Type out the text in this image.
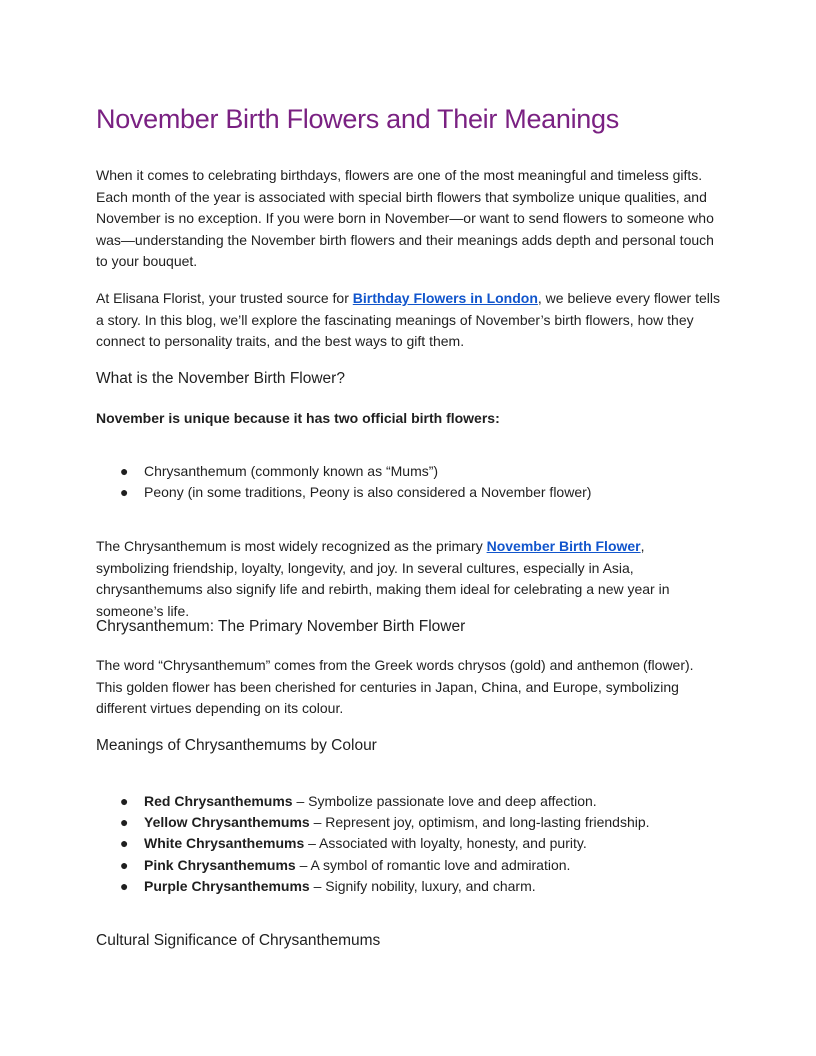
November Birth Flowers and Their Meanings

When it comes to celebrating birthdays, flowers are one of the most meaningful and timeless gifts. Each month of the year is associated with special birth flowers that symbolize unique qualities, and November is no exception. If you were born in November—or want to send flowers to someone who was—understanding the November birth flowers and their meanings adds depth and personal touch to your bouquet.

At Elisana Florist, your trusted source for Birthday Flowers in London, we believe every flower tells a story. In this blog, we’ll explore the fascinating meanings of November’s birth flowers, how they connect to personality traits, and the best ways to gift them.

What is the November Birth Flower?
November is unique because it has two official birth flowers:
● Chrysanthemum (commonly known as “Mums”)
● Peony (in some traditions, Peony is also considered a November flower)

The Chrysanthemum is most widely recognized as the primary November Birth Flower, symbolizing friendship, loyalty, longevity, and joy. In several cultures, especially in Asia, chrysanthemums also signify life and rebirth, making them ideal for celebrating a new year in someone’s life.

Chrysanthemum: The Primary November Birth Flower

The word “Chrysanthemum” comes from the Greek words chrysos (gold) and anthemon (flower). This golden flower has been cherished for centuries in Japan, China, and Europe, symbolizing different virtues depending on its colour.

Meanings of Chrysanthemums by Colour
● Red Chrysanthemums – Symbolize passionate love and deep affection.
● Yellow Chrysanthemums – Represent joy, optimism, and long-lasting friendship.
● White Chrysanthemums – Associated with loyalty, honesty, and purity.
● Pink Chrysanthemums – A symbol of romantic love and admiration.
● Purple Chrysanthemums – Signify nobility, luxury, and charm.
Cultural Significance of Chrysanthemums
